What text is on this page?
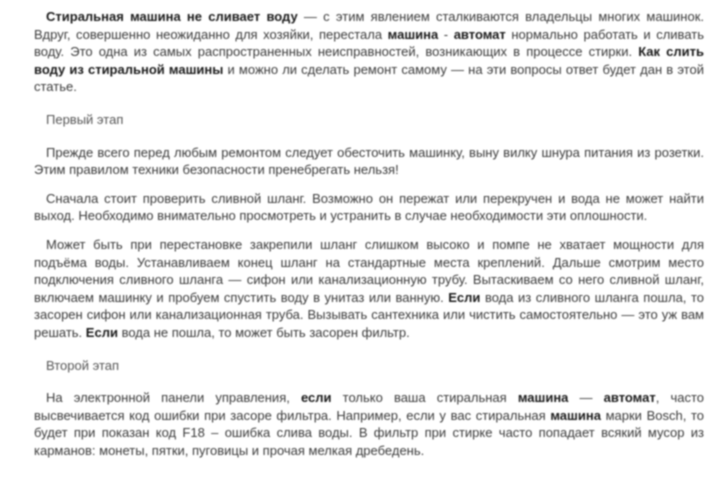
Стиральная машина не сливает воду — с этим явлением сталкиваются владельцы многих машинок. Вдруг, совершенно неожиданно для хозяйки, перестала машина - автомат нормально работать и сливать воду. Это одна из самых распространенных неисправностей, возникающих в процессе стирки. Как слить воду из стиральной машины и можно ли сделать ремонт самому — на эти вопросы ответ будет дан в этой статье.

Первый этап

Прежде всего перед любым ремонтом следует обесточить машинку, выну вилку шнура питания из розетки. Этим правилом техники безопасности пренебрегать нельзя!

Сначала стоит проверить сливной шланг. Возможно он пережат или перекручен и вода не может найти выход. Необходимо внимательно просмотреть и устранить в случае необходимости эти оплошности.

Может быть при перестановке закрепили шланг слишком высоко и помпе не хватает мощности для подъёма воды. Устанавливаем конец шланг на стандартные места креплений. Дальше смотрим место подключения сливного шланга — сифон или канализационную трубу. Вытаскиваем со него сливной шланг, включаем машинку и пробуем спустить воду в унитаз или ванную. Если вода из сливного шланга пошла, то засорен сифон или канализационная труба. Вызывать сантехника или чистить самостоятельно — это уж вам решать. Если вода не пошла, то может быть засорен фильтр.

Второй этап

На электронной панели управления, если только ваша стиральная машина — автомат, часто высвечивается код ошибки при засоре фильтра. Например, если у вас стиральная машина марки Bosch, то будет при показан код F18 – ошибка слива воды. В фильтр при стирке часто попадает всякий мусор из карманов: монеты, пятки, пуговицы и прочая мелкая дребедень.
